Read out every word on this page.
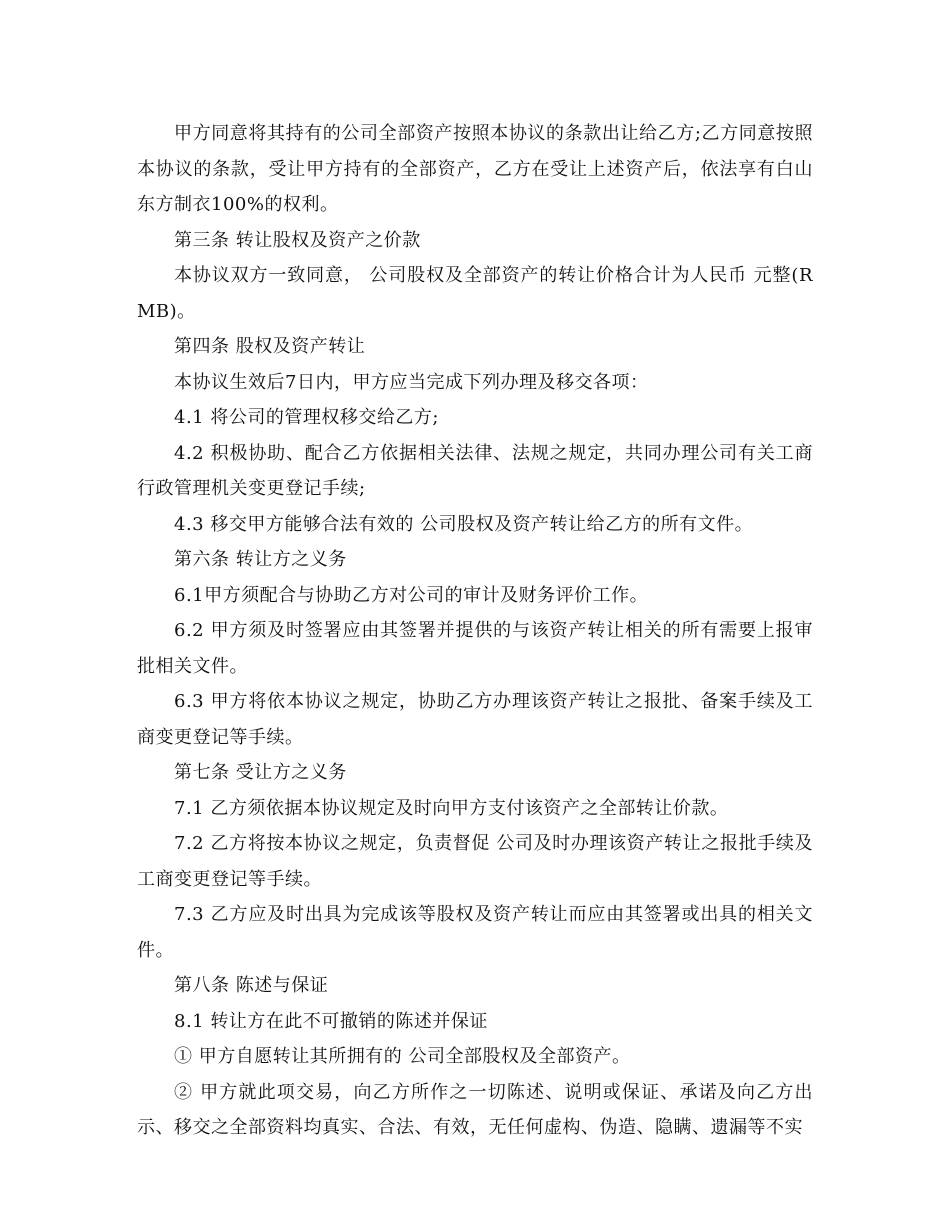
甲方同意将其持有的公司全部资产按照本协议的条款出让给乙方;乙方同意按照本协议的条款，受让甲方持有的全部资产，乙方在受让上述资产后，依法享有白山东方制衣100%的权利。

第三条 转让股权及资产之价款

本协议双方一致同意， 公司股权及全部资产的转让价格合计为人民币 元整(RMB)。

第四条 股权及资产转让

本协议生效后7日内，甲方应当完成下列办理及移交各项：

4.1 将公司的管理权移交给乙方;

4.2 积极协助、配合乙方依据相关法律、法规之规定，共同办理公司有关工商行政管理机关变更登记手续;

4.3 移交甲方能够合法有效的 公司股权及资产转让给乙方的所有文件。

第六条 转让方之义务

6.1甲方须配合与协助乙方对公司的审计及财务评价工作。

6.2 甲方须及时签署应由其签署并提供的与该资产转让相关的所有需要上报审批相关文件。

6.3 甲方将依本协议之规定，协助乙方办理该资产转让之报批、备案手续及工商变更登记等手续。

第七条 受让方之义务

7.1 乙方须依据本协议规定及时向甲方支付该资产之全部转让价款。

7.2 乙方将按本协议之规定，负责督促 公司及时办理该资产转让之报批手续及工商变更登记等手续。

7.3 乙方应及时出具为完成该等股权及资产转让而应由其签署或出具的相关文件。

第八条 陈述与保证

8.1 转让方在此不可撤销的陈述并保证

① 甲方自愿转让其所拥有的 公司全部股权及全部资产。

② 甲方就此项交易，向乙方所作之一切陈述、说明或保证、承诺及向乙方出示、移交之全部资料均真实、合法、有效，无任何虚构、伪造、隐瞒、遗漏等不实
